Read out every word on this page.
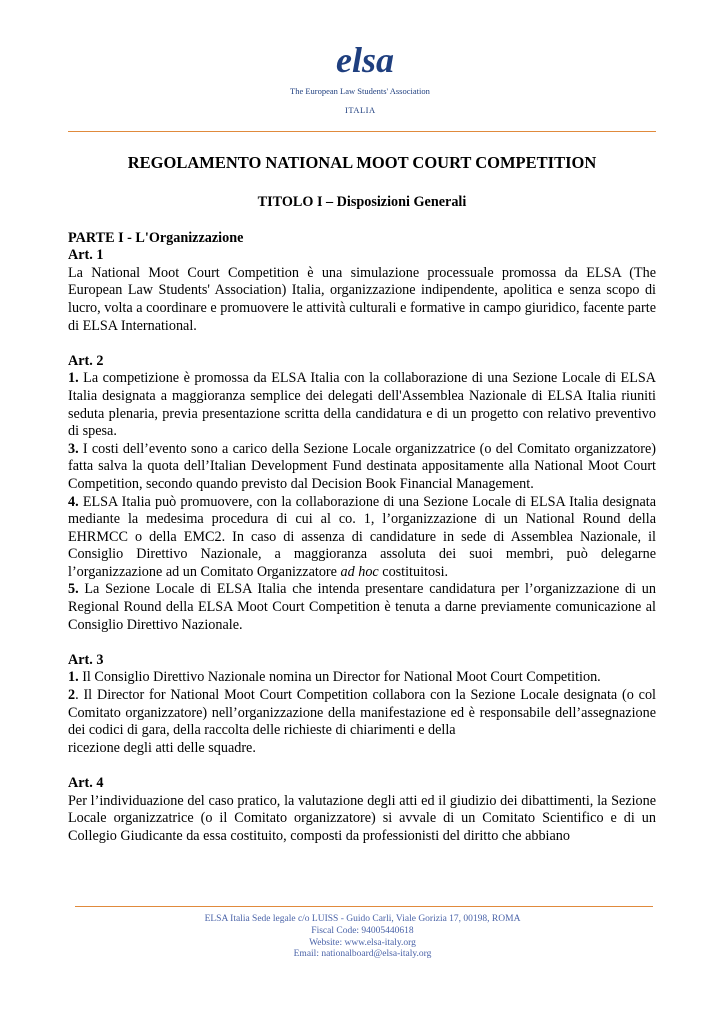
elsa
The European Law Students' Association
ITALIA
REGOLAMENTO NATIONAL MOOT COURT COMPETITION
TITOLO I – Disposizioni Generali
PARTE I - L'Organizzazione
Art. 1

La National Moot Court Competition è una simulazione processuale promossa da ELSA (The European Law Students' Association) Italia, organizzazione indipendente, apolitica e senza scopo di lucro, volta a coordinare e promuovere le attività culturali e formative in campo giuridico, facente parte di ELSA International.

Art. 2

1. La competizione è promossa da ELSA Italia con la collaborazione di una Sezione Locale di ELSA Italia designata a maggioranza semplice dei delegati dell'Assemblea Nazionale di ELSA Italia riuniti seduta plenaria, previa presentazione scritta della candidatura e di un progetto con relativo preventivo di spesa.

3. I costi dell’evento sono a carico della Sezione Locale organizzatrice (o del Comitato organizzatore) fatta salva la quota dell’Italian Development Fund destinata appositamente alla National Moot Court Competition, secondo quando previsto dal Decision Book Financial Management.

4. ELSA Italia può promuovere, con la collaborazione di una Sezione Locale di ELSA Italia designata mediante la medesima procedura di cui al co. 1, l’organizzazione di un National Round della EHRMCC o della EMC2. In caso di assenza di candidature in sede di Assemblea Nazionale, il Consiglio Direttivo Nazionale, a maggioranza assoluta dei suoi membri, può delegarne l’organizzazione ad un Comitato Organizzatore ad hoc costituitosi.

5. La Sezione Locale di ELSA Italia che intenda presentare candidatura per l’organizzazione di un Regional Round della ELSA Moot Court Competition è tenuta a darne previamente comunicazione al Consiglio Direttivo Nazionale.

Art. 3

1. Il Consiglio Direttivo Nazionale nomina un Director for National Moot Court Competition.

2. Il Director for National Moot Court Competition collabora con la Sezione Locale designata (o col Comitato organizzatore) nell’organizzazione della manifestazione ed è responsabile dell’assegnazione dei codici di gara, della raccolta delle richieste di chiarimenti e della

ricezione degli atti delle squadre.

Art. 4

Per l’individuazione del caso pratico, la valutazione degli atti ed il giudizio dei dibattimenti, la Sezione Locale organizzatrice (o il Comitato organizzatore) si avvale di un Comitato Scientifico e di un Collegio Giudicante da essa costituito, composti da professionisti del diritto che abbiano

ELSA Italia Sede legale c/o LUISS - Guido Carli, Viale Gorizia 17, 00198, ROMA
Fiscal Code: 94005440618
Website: www.elsa-italy.org
Email: nationalboard@elsa-italy.org
